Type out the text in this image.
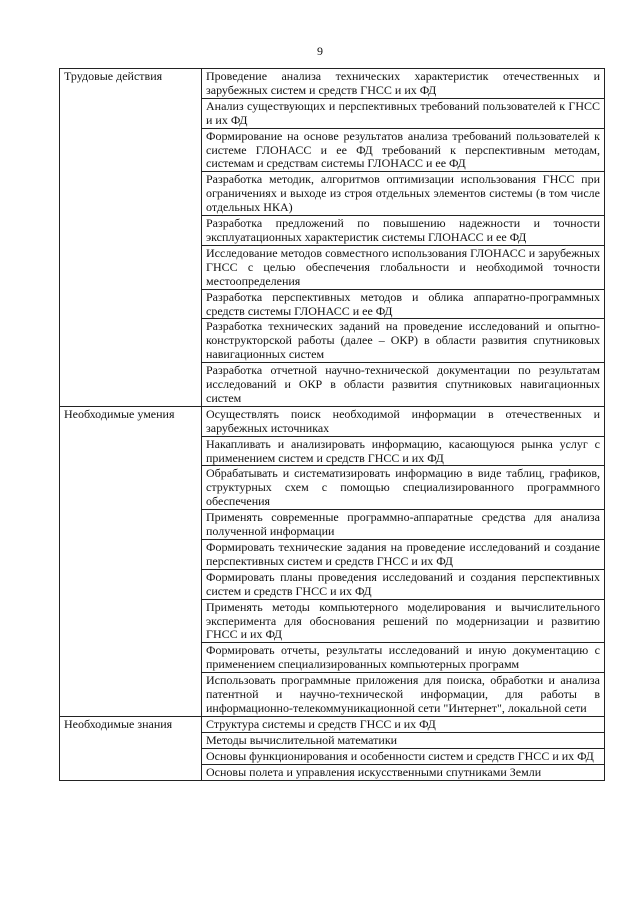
9
Трудовые действия	Проведение анализа технических характеристик отечественных и зарубежных систем и средств ГНСС и их ФД
	Анализ существующих и перспективных требований пользователей к ГНСС и их ФД
	Формирование на основе результатов анализа требований пользователей к системе ГЛОНАСС и ее ФД требований к перспективным методам, системам и средствам системы ГЛОНАСС и ее ФД
	Разработка методик, алгоритмов оптимизации использования ГНСС при ограничениях и выходе из строя отдельных элементов системы (в том числе отдельных НКА)
	Разработка предложений по повышению надежности и точности эксплуатационных характеристик системы ГЛОНАСС и ее ФД
	Исследование методов совместного использования ГЛОНАСС и зарубежных ГНСС с целью обеспечения глобальности и необходимой точности местоопределения
	Разработка перспективных методов и облика аппаратно-программных средств системы ГЛОНАСС и ее ФД
	Разработка технических заданий на проведение исследований и опытно-конструкторской работы (далее – ОКР) в области развития спутниковых навигационных систем
	Разработка отчетной научно-технической документации по результатам исследований и ОКР в области развития спутниковых навигационных систем
Необходимые умения	Осуществлять поиск необходимой информации в отечественных и зарубежных источниках
	Накапливать и анализировать информацию, касающуюся рынка услуг с применением систем и средств ГНСС и их ФД
	Обрабатывать и систематизировать информацию в виде таблиц, графиков, структурных схем с помощью специализированного программного обеспечения
	Применять современные программно-аппаратные средства для анализа полученной информации
	Формировать технические задания на проведение исследований и создание перспективных систем и средств ГНСС и их ФД
	Формировать планы проведения исследований и создания перспективных систем и средств ГНСС и их ФД
	Применять методы компьютерного моделирования и вычислительного эксперимента для обоснования решений по модернизации и развитию ГНСС и их ФД
	Формировать отчеты, результаты исследований и иную документацию с применением специализированных компьютерных программ
	Использовать программные приложения для поиска, обработки и анализа патентной и научно-технической информации, для работы в информационно-телекоммуникационной сети "Интернет", локальной сети
Необходимые знания	Структура системы и средств ГНСС и их ФД
	Методы вычислительной математики
	Основы функционирования и особенности систем и средств ГНСС и их ФД
	Основы полета и управления искусственными спутниками Земли
